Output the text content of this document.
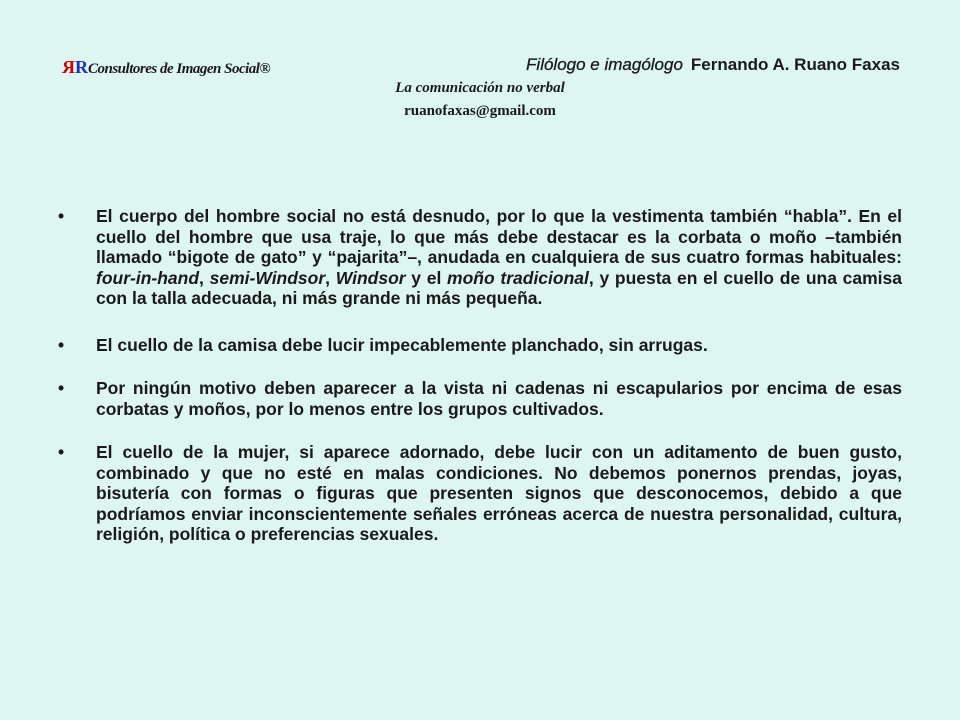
RRConsultores de Imagen Social®	Filólogo e imagólogo Fernando A. Ruano Faxas
La comunicación no verbal
ruanofaxas@gmail.com
• El cuerpo del hombre social no está desnudo, por lo que la vestimenta también “habla”. En el cuello del hombre que usa traje, lo que más debe destacar es la corbata o moño –también llamado “bigote de gato” y “pajarita”–, anudada en cualquiera de sus cuatro formas habituales: four-in-hand, semi-Windsor, Windsor y el moño tradicional, y puesta en el cuello de una camisa con la talla adecuada, ni más grande ni más pequeña.
• El cuello de la camisa debe lucir impecablemente planchado, sin arrugas.
• Por ningún motivo deben aparecer a la vista ni cadenas ni escapularios por encima de esas corbatas y moños, por lo menos entre los grupos cultivados.
• El cuello de la mujer, si aparece adornado, debe lucir con un aditamento de buen gusto, combinado y que no esté en malas condiciones. No debemos ponernos prendas, joyas, bisutería con formas o figuras que presenten signos que desconocemos, debido a que podríamos enviar inconscientemente señales erróneas acerca de nuestra personalidad, cultura, religión, política o preferencias sexuales.
